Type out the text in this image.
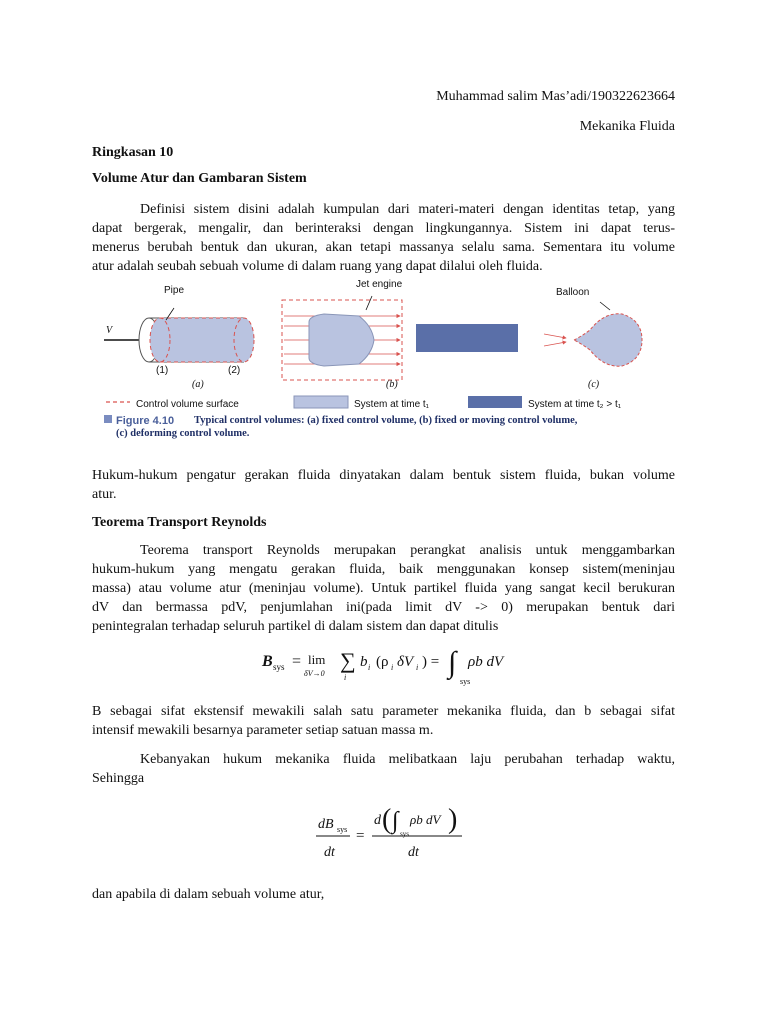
Muhammad salim Mas’adi/190322623664
Mekanika Fluida
Ringkasan 10
Volume Atur dan Gambaran Sistem
Definisi sistem disini adalah kumpulan dari materi-materi dengan identitas tetap, yang
dapat bergerak, mengalir, dan berinteraksi dengan lingkungannya. Sistem ini dapat terus-
menerus berubah bentuk dan ukuran, akan tetapi massanya selalu sama. Sementara itu volume
atur adalah seubah sebuah volume di dalam ruang yang dapat dilalui oleh fluida.
Pipe
Jet engine
Balloon
V
(1)	(2)
(a)	(b)	(c)
Control volume surface	System at time t₁	System at time t₂ > t₁
Figure 4.10 Typical control volumes: (a) fixed control volume, (b) fixed or moving control volume,
(c) deforming control volume.
Hukum-hukum pengatur gerakan fluida dinyatakan dalam bentuk sistem fluida, bukan volume
atur.
Teorema Transport Reynolds
Teorema transport Reynolds merupakan perangkat analisis untuk menggambarkan
hukum-hukum yang mengatu gerakan fluida, baik menggunakan konsep sistem(meninjau
massa) atau volume atur (meninjau volume). Untuk partikel fluida yang sangat kecil berukuran
dV dan bermassa pdV, penjumlahan ini(pada limit dV -> 0) merupakan bentuk dari
penintegralan terhadap seluruh partikel di dalam sistem dan dapat ditulis
B sys = lim
δV→0
∑
i
b i (ρ i δV i ) = ∫
sys
ρb dV
B sebagai sifat ekstensif mewakili salah satu parameter mekanika fluida, dan b sebagai sifat
intensif mewakili besarnya parameter setiap satuan massa m.
Kebanyakan hukum mekanika fluida melibatkaan laju perubahan terhadap waktu,
Sehingga
dB sys
dt
=
d ( ∫ sys
ρb dV )
dt
dan apabila di dalam sebuah volume atur,
